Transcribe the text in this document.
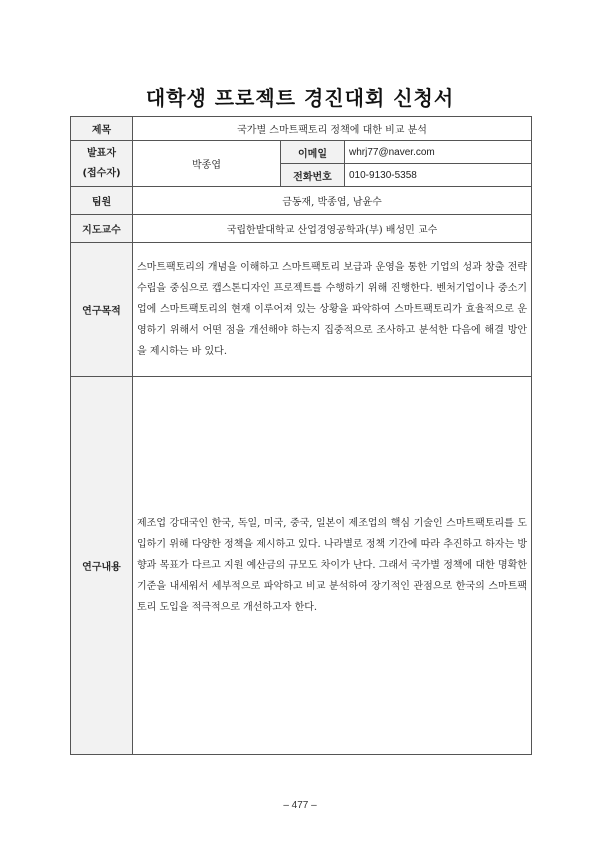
대학생 프로젝트 경진대회 신청서
제목	국가별 스마트팩토리 정책에 대한 비교 분석		

발표자
(접수자)	박종엽	이메일	whrj77@naver.com
		전화번호	010-9130-5358
팀원	금동재, 박종엽, 남윤수		
지도교수	국립한밭대학교 산업경영공학과(부) 배성민 교수		
연구목적	스마트팩토리의 개념을 이해하고 스마트팩토리 보급과 운영을 통한 기업의 성과 창출 전략수립을 중심으로 캡스톤디자인 프로젝트를 수행하기 위해 진행한다. 벤처기업이나 중소기업에 스마트팩토리의 현재 이루어져 있는 상황을 파악하여 스마트팩토리가 효율적으로 운영하기 위해서 어떤 점을 개선해야 하는지 집중적으로 조사하고 분석한 다음에 해결 방안을 제시하는 바 있다.		

연구내용	제조업 강대국인 한국, 독일, 미국, 중국, 일본이 제조업의 핵심 기술인 스마트팩토리를 도입하기 위해 다양한 정책을 제시하고 있다. 나라별로 정책 기간에 따라 추진하고 하자는 방향과 목표가 다르고 지원 예산금의 규모도 차이가 난다. 그래서 국가별 정책에 대한 명확한 기준을 내세워서 세부적으로 파악하고 비교 분석하여 장기적인 관점으로 한국의 스마트팩토리 도입을 적극적으로 개선하고자 한다.		

– 477 –
